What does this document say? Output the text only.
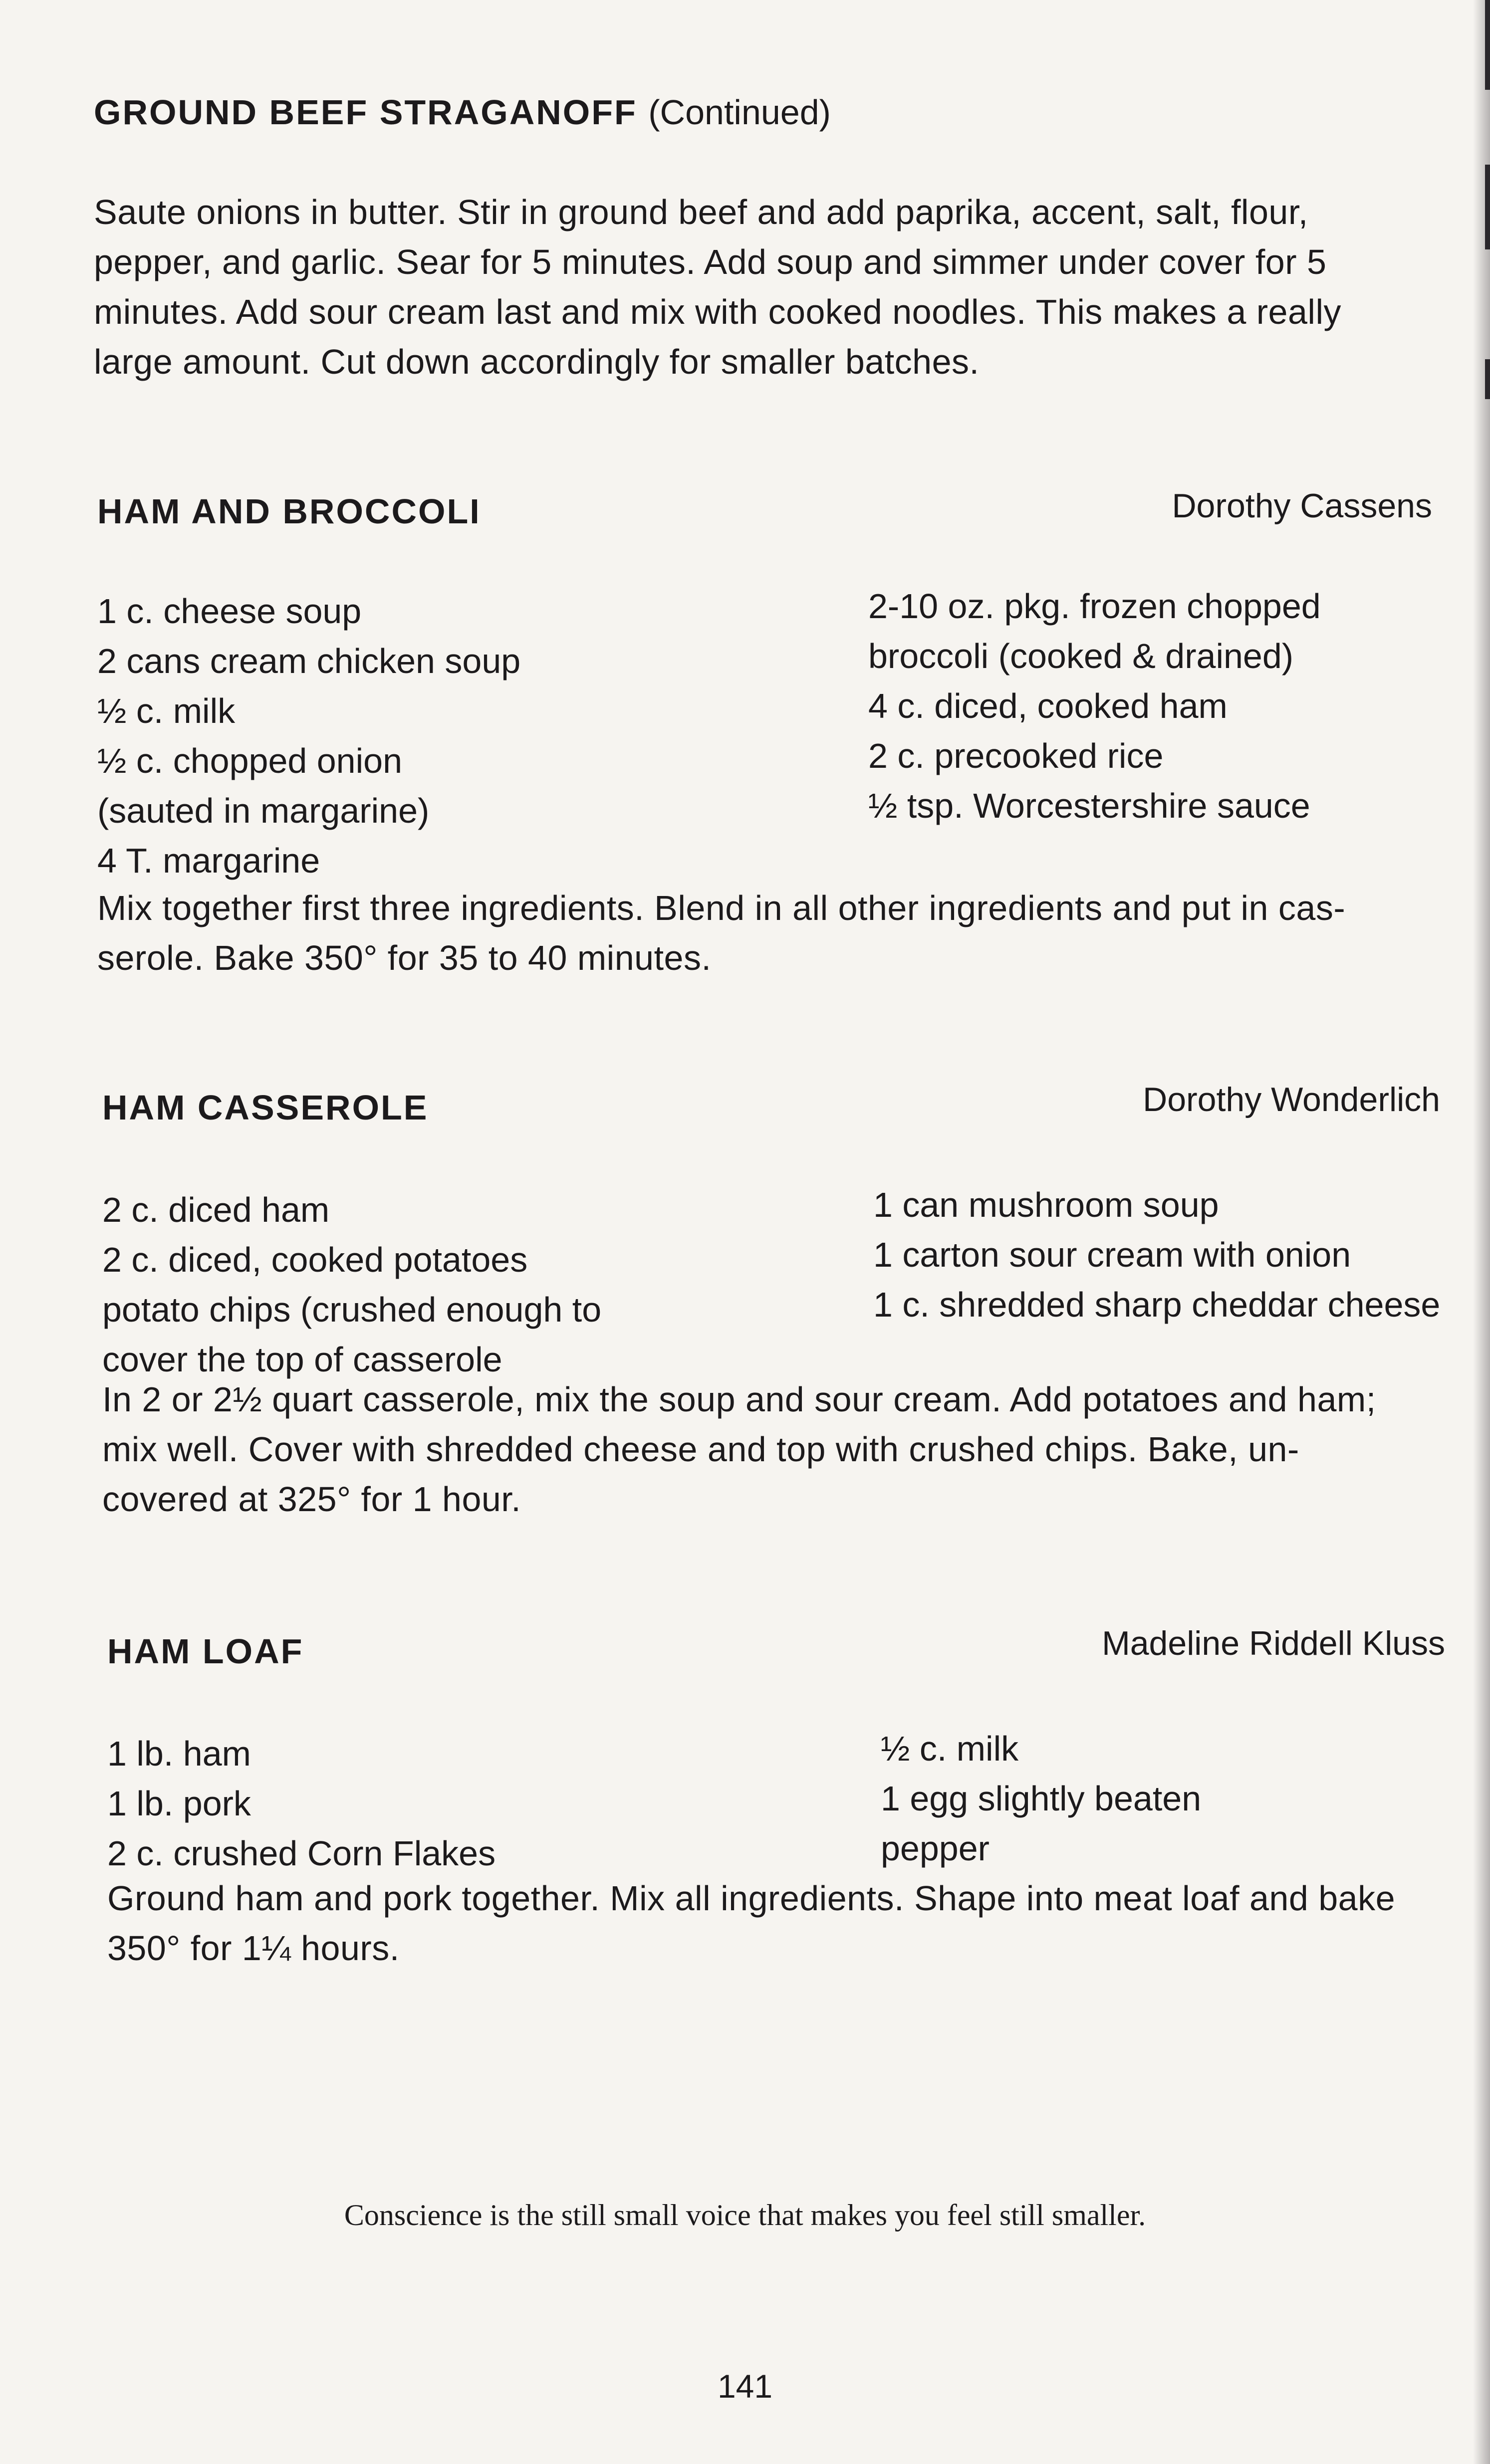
GROUND BEEF STRAGANOFF (Continued)
Saute onions in butter. Stir in ground beef and add paprika, accent, salt, flour,
pepper, and garlic. Sear for 5 minutes. Add soup and simmer under cover for 5
minutes. Add sour cream last and mix with cooked noodles. This makes a really
large amount. Cut down accordingly for smaller batches.
HAM AND BROCCOLI	Dorothy Cassens
1 c. cheese soup
2 cans cream chicken soup
½ c. milk
½ c. chopped onion
(sauted in margarine)
4 T. margarine
2-10 oz. pkg. frozen chopped
broccoli (cooked & drained)
4 c. diced, cooked ham
2 c. precooked rice
½ tsp. Worcestershire sauce
Mix together first three ingredients. Blend in all other ingredients and put in cas-
serole. Bake 350° for 35 to 40 minutes.
HAM CASSEROLE	Dorothy Wonderlich
2 c. diced ham
2 c. diced, cooked potatoes
potato chips (crushed enough to
cover the top of casserole
1 can mushroom soup
1 carton sour cream with onion
1 c. shredded sharp cheddar cheese
In 2 or 2½ quart casserole, mix the soup and sour cream. Add potatoes and ham;
mix well. Cover with shredded cheese and top with crushed chips. Bake, un-
covered at 325° for 1 hour.
HAM LOAF	Madeline Riddell Kluss
1 lb. ham
1 lb. pork
2 c. crushed Corn Flakes
½ c. milk
1 egg slightly beaten
pepper
Ground ham and pork together. Mix all ingredients. Shape into meat loaf and bake
350° for 1¼ hours.
Conscience is the still small voice that makes you feel still smaller.
141
